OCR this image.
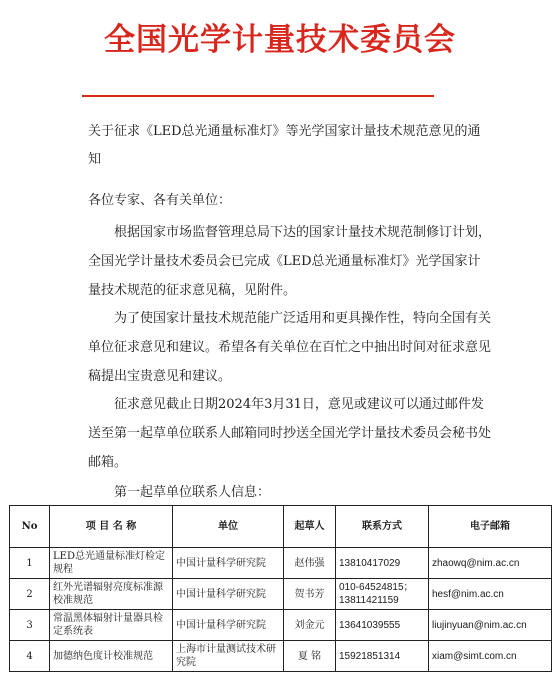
全国光学计量技术委员会
关于征求《LED总光通量标准灯》等光学国家计量技术规范意见的通知
各位专家、各有关单位：
根据国家市场监督管理总局下达的国家计量技术规范制修订计划，全国光学计量技术委员会已完成《LED总光通量标准灯》光学国家计量技术规范的征求意见稿，见附件。
为了使国家计量技术规范能广泛适用和更具操作性，特向全国有关单位征求意见和建议。希望各有关单位在百忙之中抽出时间对征求意见稿提出宝贵意见和建议。
征求意见截止日期2024年3月31日，意见或建议可以通过邮件发送至第一起草单位联系人邮箱同时抄送全国光学计量技术委员会秘书处邮箱。
第一起草单位联系人信息：
No	项 目 名 称	单位	起草人	联系方式	电子邮箱
1	LED总光通量标准灯检定规程	中国计量科学研究院	赵伟强	13810417029	zhaowq@nim.ac.cn
2	红外光谱辐射亮度标准源校准规范	中国计量科学研究院	贺书芳	010-64524815；13811421159	hesf@nim.ac.cn
3	常温黑体辐射计量器具检定系统表	中国计量科学研究院	刘金元	13641039555	liujinyuan@nim.ac.cn
4	加德纳色度计校准规范	上海市计量测试技术研究院	夏 铭	15921851314	xiam@simt.com.cn
